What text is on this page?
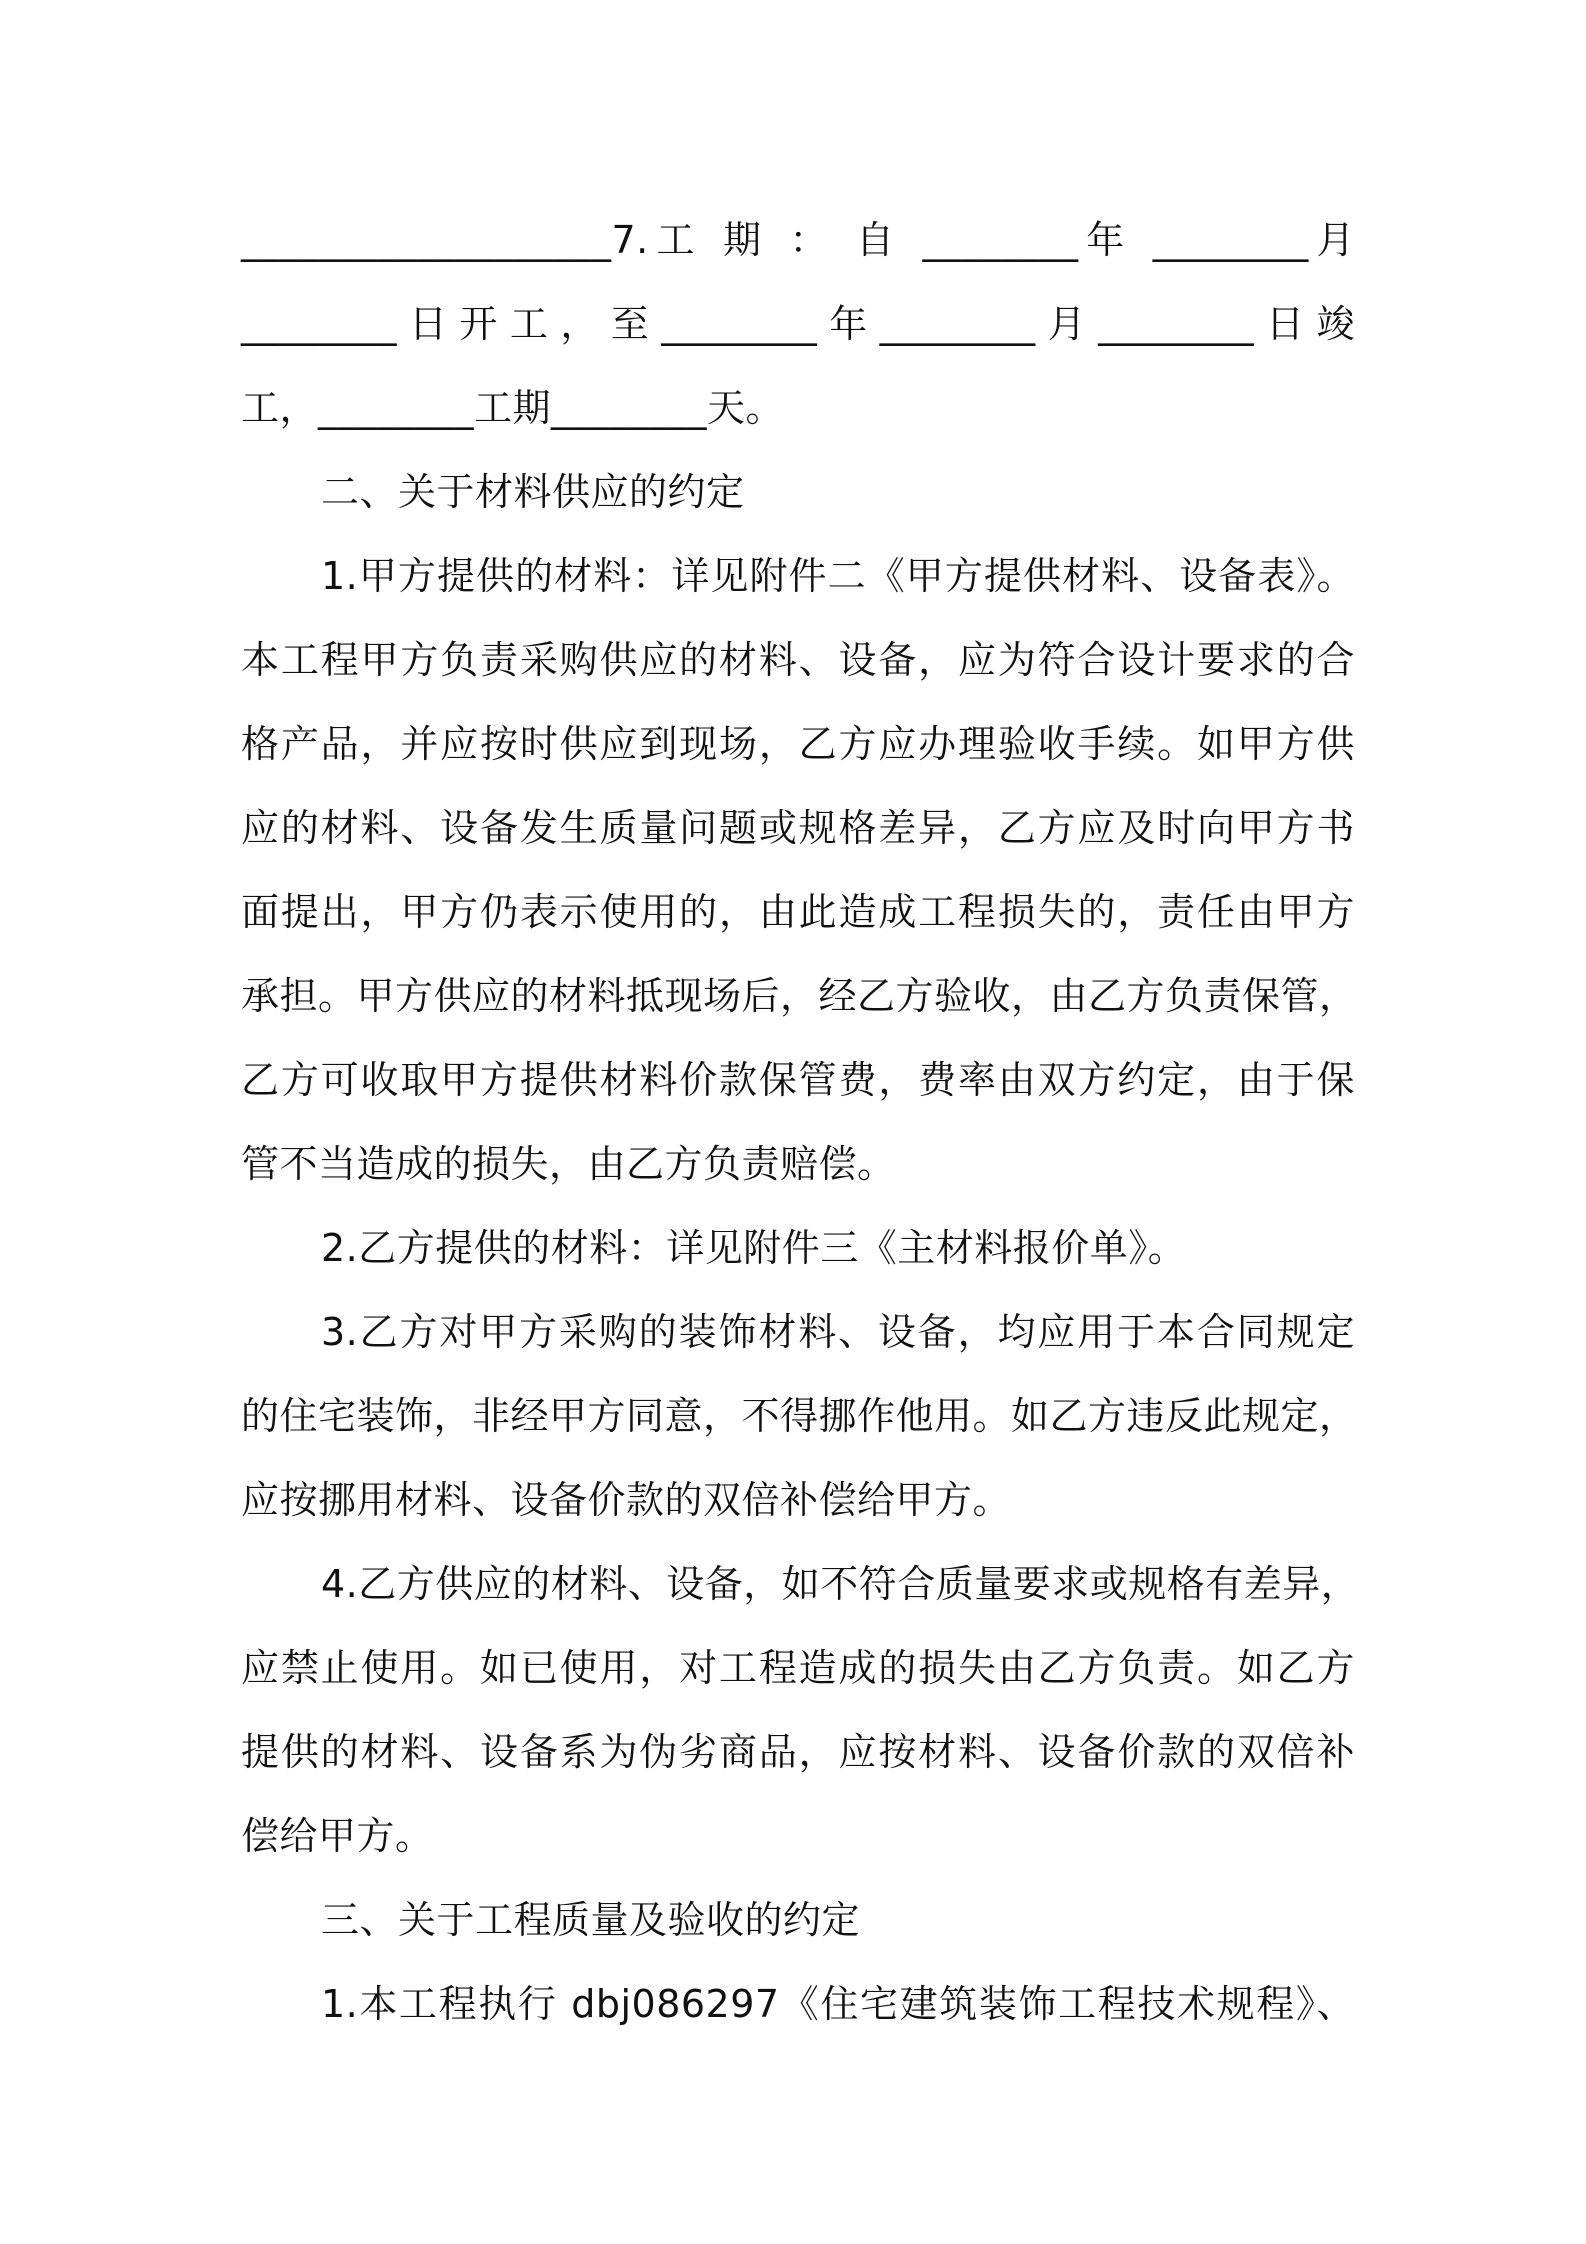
___________________7.工 期 ： 自 ________年 ________月
________日开工，至________年________月________日竣
工，________工期________天。
二、关于材料供应的约定
1.甲方提供的材料：详见附件二《甲方提供材料、设备表》。
本工程甲方负责采购供应的材料、设备，应为符合设计要求的合
格产品，并应按时供应到现场，乙方应办理验收手续。如甲方供
应的材料、设备发生质量问题或规格差异，乙方应及时向甲方书
面提出，甲方仍表示使用的，由此造成工程损失的，责任由甲方
承担。甲方供应的材料抵现场后，经乙方验收，由乙方负责保管，
乙方可收取甲方提供材料价款保管费，费率由双方约定，由于保
管不当造成的损失，由乙方负责赔偿。
2.乙方提供的材料：详见附件三《主材料报价单》。
3.乙方对甲方采购的装饰材料、设备，均应用于本合同规定
的住宅装饰，非经甲方同意，不得挪作他用。如乙方违反此规定，
应按挪用材料、设备价款的双倍补偿给甲方。
4.乙方供应的材料、设备，如不符合质量要求或规格有差异，
应禁止使用。如已使用，对工程造成的损失由乙方负责。如乙方
提供的材料、设备系为伪劣商品，应按材料、设备价款的双倍补
偿给甲方。
三、关于工程质量及验收的约定
1.本工程执行 dbj086297《住宅建筑装饰工程技术规程》、
